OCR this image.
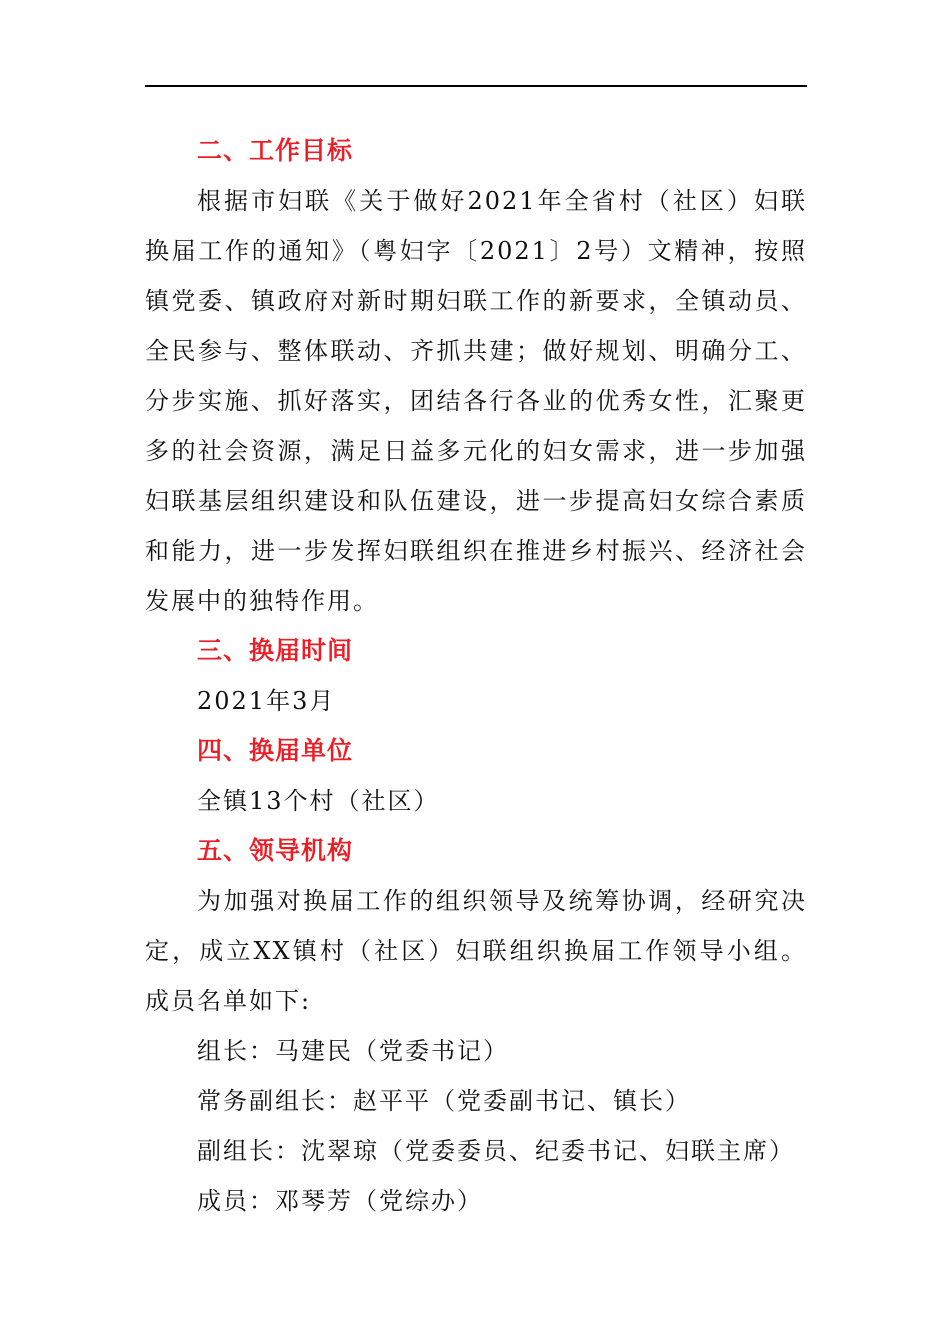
二、工作目标

根据市妇联《关于做好2021年全省村（社区）妇联换届工作的通知》（粤妇字〔2021〕2号）文精神，按照镇党委、镇政府对新时期妇联工作的新要求，全镇动员、全民参与、整体联动、齐抓共建；做好规划、明确分工、分步实施、抓好落实，团结各行各业的优秀女性，汇聚更多的社会资源，满足日益多元化的妇女需求，进一步加强妇联基层组织建设和队伍建设，进一步提高妇女综合素质和能力，进一步发挥妇联组织在推进乡村振兴、经济社会发展中的独特作用。

三、换届时间
2021年3月
四、换届单位
全镇13个村（社区）
五、领导机构

为加强对换届工作的组织领导及统筹协调，经研究决定，成立XX镇村（社区）妇联组织换届工作领导小组。成员名单如下:

组长：马建民（党委书记）
常务副组长：赵平平（党委副书记、镇长）
副组长：沈翠琼（党委委员、纪委书记、妇联主席）
成员：邓琴芳（党综办）
